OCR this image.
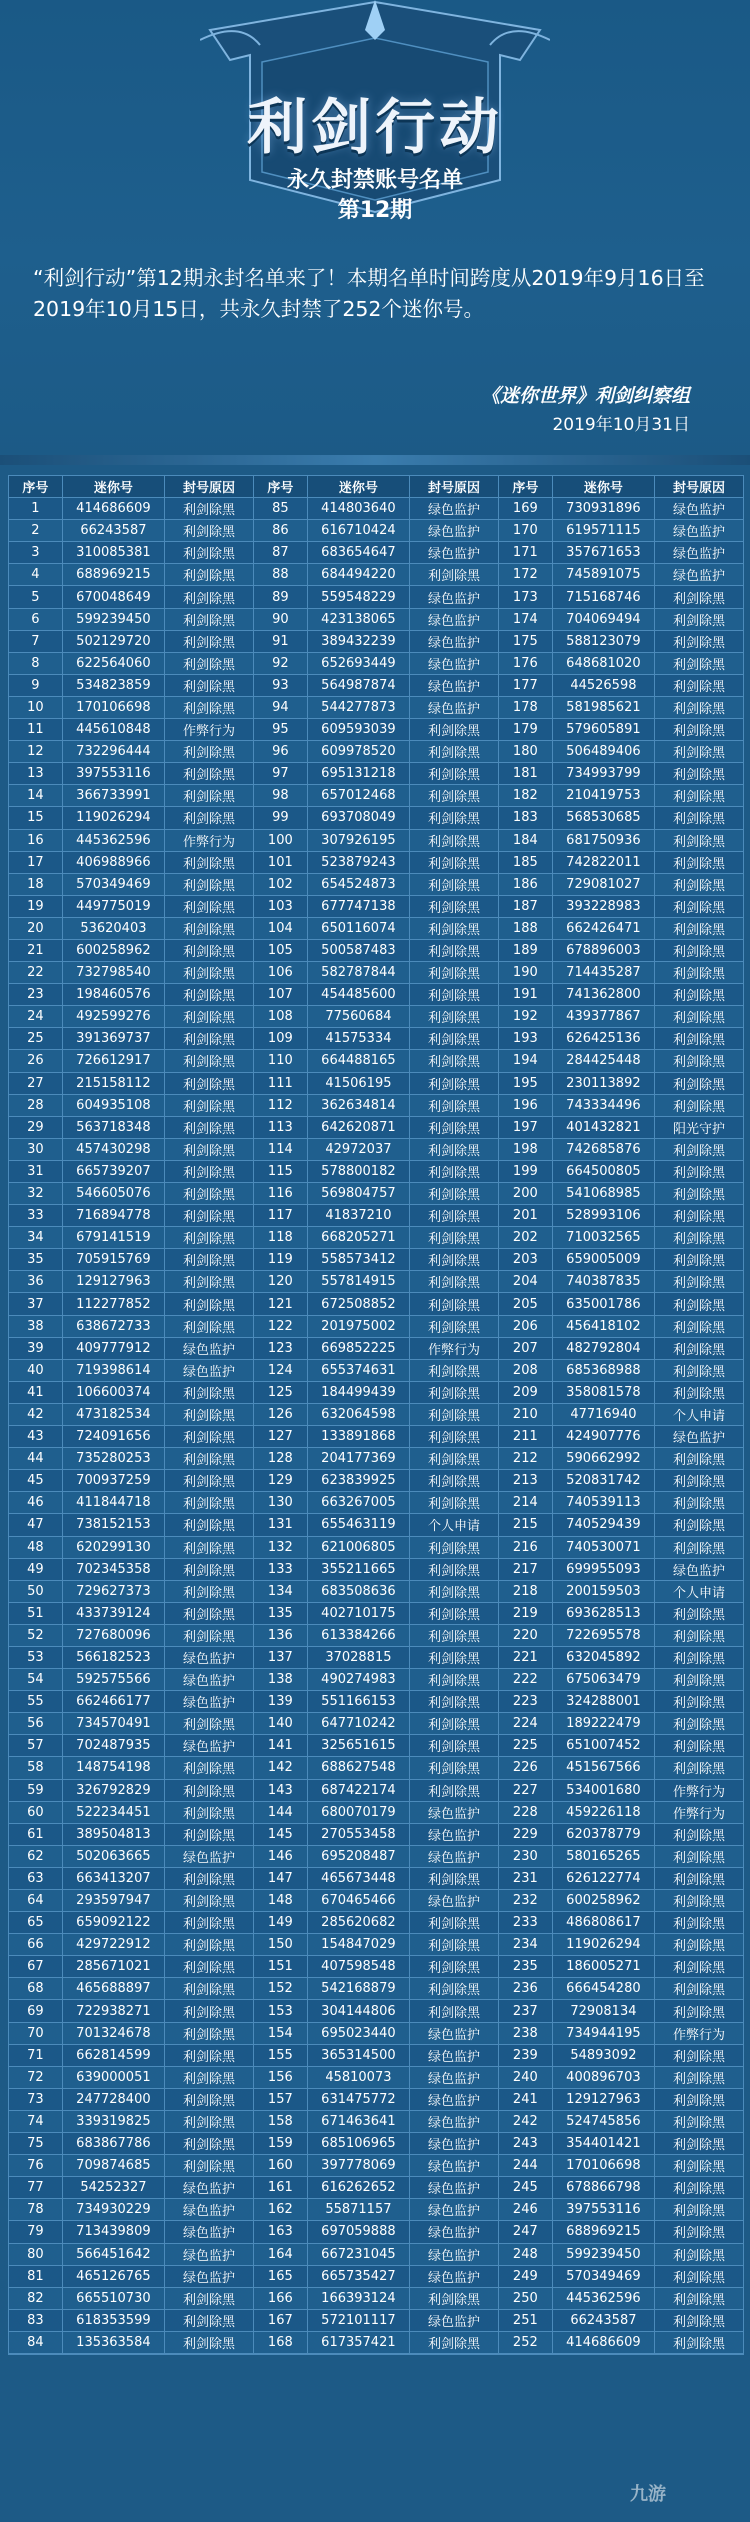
利剑行动
永久封禁账号名单
第12期
“利剑行动”第12期永封名单来了！本期名单时间跨度从2019年9月16日至2019年10月15日，共永久封禁了252个迷你号。
《迷你世界》利剑纠察组
2019年10月31日
序号	迷你号	封号原因
1	414686609	利剑除黑
2	66243587	利剑除黑
3	310085381	利剑除黑
4	688969215	利剑除黑
5	670048649	利剑除黑
6	599239450	利剑除黑
7	502129720	利剑除黑
8	622564060	利剑除黑
9	534823859	利剑除黑
10	170106698	利剑除黑
11	445610848	作弊行为
12	732296444	利剑除黑
13	397553116	利剑除黑
14	366733991	利剑除黑
15	119026294	利剑除黑
16	445362596	作弊行为
17	406988966	利剑除黑
18	570349469	利剑除黑
19	449775019	利剑除黑
20	53620403	利剑除黑
21	600258962	利剑除黑
22	732798540	利剑除黑
23	198460576	利剑除黑
24	492599276	利剑除黑
25	391369737	利剑除黑
26	726612917	利剑除黑
27	215158112	利剑除黑
28	604935108	利剑除黑
29	563718348	利剑除黑
30	457430298	利剑除黑
31	665739207	利剑除黑
32	546605076	利剑除黑
33	716894778	利剑除黑
34	679141519	利剑除黑
35	705915769	利剑除黑
36	129127963	利剑除黑
37	112277852	利剑除黑
38	638672733	利剑除黑
39	409777912	绿色监护
40	719398614	绿色监护
41	106600374	利剑除黑
42	473182534	利剑除黑
43	724091656	利剑除黑
44	735280253	利剑除黑
45	700937259	利剑除黑
46	411844718	利剑除黑
47	738152153	利剑除黑
48	620299130	利剑除黑
49	702345358	利剑除黑
50	729627373	利剑除黑
51	433739124	利剑除黑
52	727680096	利剑除黑
53	566182523	绿色监护
54	592575566	绿色监护
55	662466177	绿色监护
56	734570491	利剑除黑
57	702487935	绿色监护
58	148754198	利剑除黑
59	326792829	利剑除黑
60	522234451	利剑除黑
61	389504813	利剑除黑
62	502063665	绿色监护
63	663413207	利剑除黑
64	293597947	利剑除黑
65	659092122	利剑除黑
66	429722912	利剑除黑
67	285671021	利剑除黑
68	465688897	利剑除黑
69	722938271	利剑除黑
70	701324678	利剑除黑
71	662814599	利剑除黑
72	639000051	利剑除黑
73	247728400	利剑除黑
74	339319825	利剑除黑
75	683867786	利剑除黑
76	709874685	利剑除黑
77	54252327	绿色监护
78	734930229	绿色监护
79	713439809	绿色监护
80	566451642	绿色监护
81	465126765	绿色监护
82	665510730	利剑除黑
83	618353599	利剑除黑
84	135363584	利剑除黑
序号	迷你号	封号原因
85	414803640	绿色监护
86	616710424	绿色监护
87	683654647	绿色监护
88	684494220	利剑除黑
89	559548229	绿色监护
90	423138065	绿色监护
91	389432239	绿色监护
92	652693449	绿色监护
93	564987874	绿色监护
94	544277873	绿色监护
95	609593039	利剑除黑
96	609978520	利剑除黑
97	695131218	利剑除黑
98	657012468	利剑除黑
99	693708049	利剑除黑
100	307926195	利剑除黑
101	523879243	利剑除黑
102	654524873	利剑除黑
103	677747138	利剑除黑
104	650116074	利剑除黑
105	500587483	利剑除黑
106	582787844	利剑除黑
107	454485600	利剑除黑
108	77560684	利剑除黑
109	41575334	利剑除黑
110	664488165	利剑除黑
111	41506195	利剑除黑
112	362634814	利剑除黑
113	642620871	利剑除黑
114	42972037	利剑除黑
115	578800182	利剑除黑
116	569804757	利剑除黑
117	41837210	利剑除黑
118	668205271	利剑除黑
119	558573412	利剑除黑
120	557814915	利剑除黑
121	672508852	利剑除黑
122	201975002	利剑除黑
123	669852225	作弊行为
124	655374631	利剑除黑
125	184499439	利剑除黑
126	632064598	利剑除黑
127	133891868	利剑除黑
128	204177369	利剑除黑
129	623839925	利剑除黑
130	663267005	利剑除黑
131	655463119	个人申请
132	621006805	利剑除黑
133	355211665	利剑除黑
134	683508636	利剑除黑
135	402710175	利剑除黑
136	613384266	利剑除黑
137	37028815	利剑除黑
138	490274983	利剑除黑
139	551166153	利剑除黑
140	647710242	利剑除黑
141	325651615	利剑除黑
142	688627548	利剑除黑
143	687422174	利剑除黑
144	680070179	绿色监护
145	270553458	绿色监护
146	695208487	绿色监护
147	465673448	利剑除黑
148	670465466	绿色监护
149	285620682	利剑除黑
150	154847029	利剑除黑
151	407598548	利剑除黑
152	542168879	利剑除黑
153	304144806	利剑除黑
154	695023440	绿色监护
155	365314500	绿色监护
156	45810073	绿色监护
157	631475772	绿色监护
158	671463641	绿色监护
159	685106965	绿色监护
160	397778069	绿色监护
161	616262652	绿色监护
162	55871157	绿色监护
163	697059888	绿色监护
164	667231045	绿色监护
165	665735427	绿色监护
166	166393124	利剑除黑
167	572101117	绿色监护
168	617357421	利剑除黑
序号	迷你号	封号原因
169	730931896	绿色监护
170	619571115	绿色监护
171	357671653	绿色监护
172	745891075	绿色监护
173	715168746	利剑除黑
174	704069494	利剑除黑
175	588123079	利剑除黑
176	648681020	利剑除黑
177	44526598	利剑除黑
178	581985621	利剑除黑
179	579605891	利剑除黑
180	506489406	利剑除黑
181	734993799	利剑除黑
182	210419753	利剑除黑
183	568530685	利剑除黑
184	681750936	利剑除黑
185	742822011	利剑除黑
186	729081027	利剑除黑
187	393228983	利剑除黑
188	662426471	利剑除黑
189	678896003	利剑除黑
190	714435287	利剑除黑
191	741362800	利剑除黑
192	439377867	利剑除黑
193	626425136	利剑除黑
194	284425448	利剑除黑
195	230113892	利剑除黑
196	743334496	利剑除黑
197	401432821	阳光守护
198	742685876	利剑除黑
199	664500805	利剑除黑
200	541068985	利剑除黑
201	528993106	利剑除黑
202	710032565	利剑除黑
203	659005009	利剑除黑
204	740387835	利剑除黑
205	635001786	利剑除黑
206	456418102	利剑除黑
207	482792804	利剑除黑
208	685368988	利剑除黑
209	358081578	利剑除黑
210	47716940	个人申请
211	424907776	绿色监护
212	590662992	利剑除黑
213	520831742	利剑除黑
214	740539113	利剑除黑
215	740529439	利剑除黑
216	740530071	利剑除黑
217	699955093	绿色监护
218	200159503	个人申请
219	693628513	利剑除黑
220	722695578	利剑除黑
221	632045892	利剑除黑
222	675063479	利剑除黑
223	324288001	利剑除黑
224	189222479	利剑除黑
225	651007452	利剑除黑
226	451567566	利剑除黑
227	534001680	作弊行为
228	459226118	作弊行为
229	620378779	利剑除黑
230	580165265	利剑除黑
231	626122774	利剑除黑
232	600258962	利剑除黑
233	486808617	利剑除黑
234	119026294	利剑除黑
235	186005271	利剑除黑
236	666454280	利剑除黑
237	72908134	利剑除黑
238	734944195	作弊行为
239	54893092	利剑除黑
240	400896703	利剑除黑
241	129127963	利剑除黑
242	524745856	利剑除黑
243	354401421	利剑除黑
244	170106698	利剑除黑
245	678866798	利剑除黑
246	397553116	利剑除黑
247	688969215	利剑除黑
248	599239450	利剑除黑
249	570349469	利剑除黑
250	445362596	利剑除黑
251	66243587	利剑除黑
252	414686609	利剑除黑
九游
